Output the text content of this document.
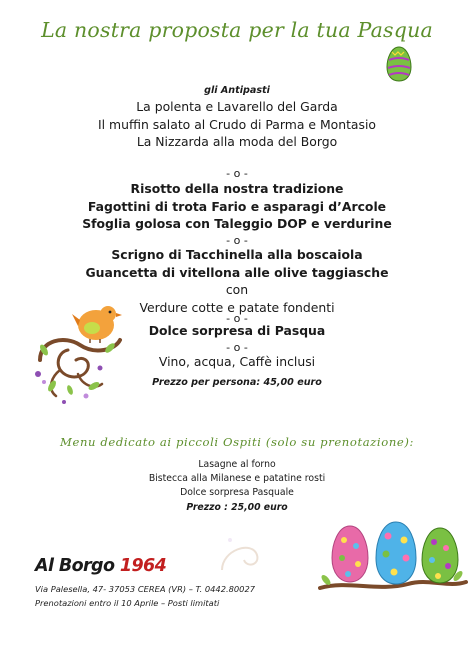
La nostra proposta per la tua Pasqua
gli Antipasti
La polenta e Lavarello del Garda
Il muffin salato al Crudo di Parma e Montasio
La Nizzarda alla moda del Borgo
- o -
Risotto della nostra tradizione
Fagottini di trota Fario e asparagi d’Arcole
Sfoglia golosa con Taleggio DOP e verdurine
- o -
Scrigno di Tacchinella alla boscaiola
Guancetta di vitellona alle olive taggiasche
con
Verdure cotte e patate fondenti
- o -
Dolce sorpresa di Pasqua
- o -
Vino, acqua, Caffè inclusi
Prezzo per persona: 45,00 euro
Menu dedicato ai piccoli Ospiti (solo su prenotazione):
Lasagne al forno
Bistecca alla Milanese e patatine rosti
Dolce sorpresa Pasquale
Prezzo : 25,00 euro
Al Borgo 1964
Via Palesella, 47- 37053 CEREA (VR) – T. 0442.80027
Prenotazioni entro il 10 Aprile – Posti limitati
